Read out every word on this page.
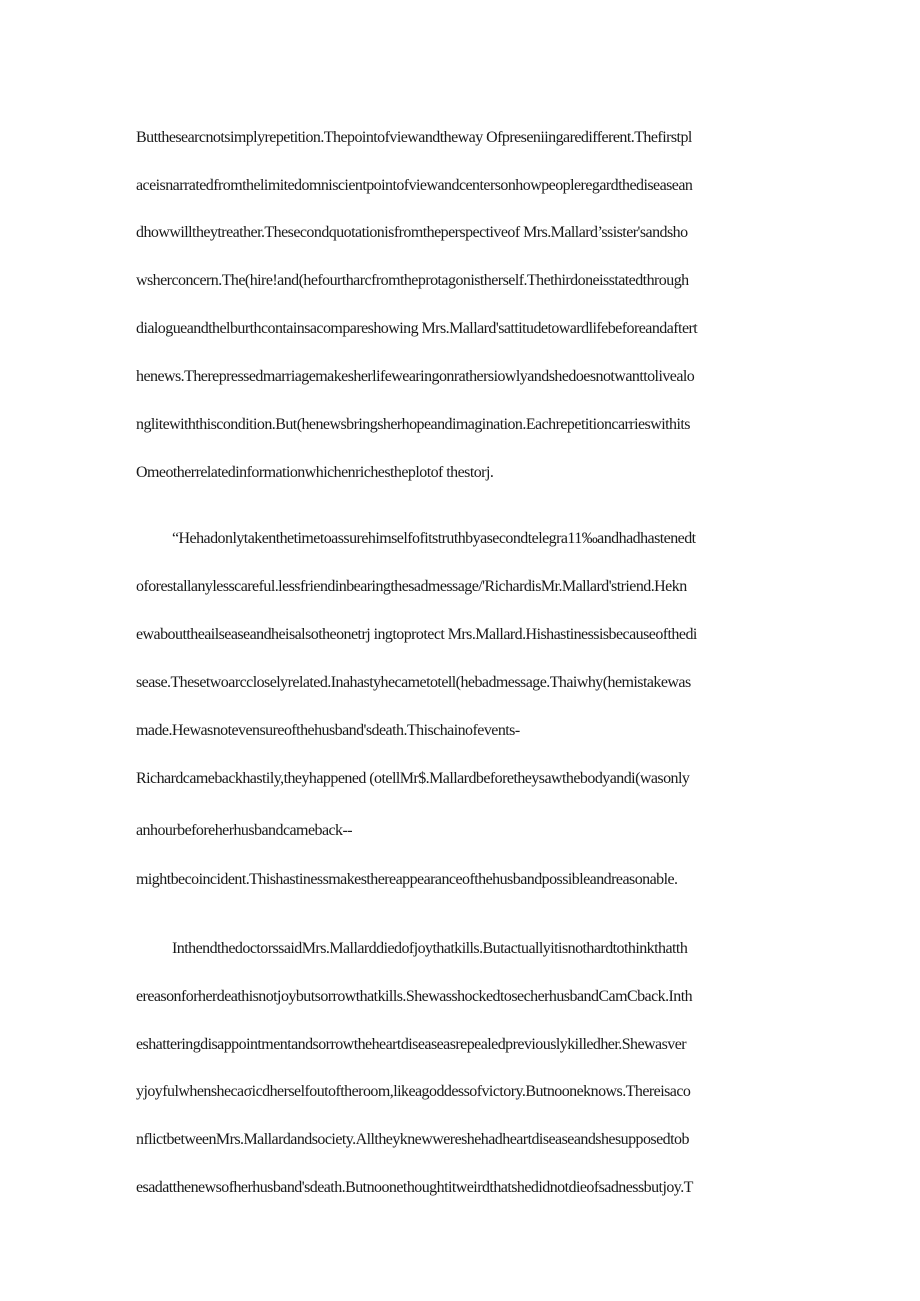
Butthesearcnotsimplyrepetition.Thepointofviewandtheway Ofpreseniingaredifferent.Thefirstpl
aceisnarratedfromthelimitedomniscientpointofviewandcentersonhowpeopleregardthediseasean
dhowwilltheytreather.Thesecondquotationisfromtheperspectiveof Mrs.Mallard’ssister'sandsho
wsherconcern.The(hire!and(hefourtharcfromtheprotagonistherself.Thethirdoneisstatedthrough
dialogueandthelburthcontainsacompareshowing Mrs.Mallard'sattitudetowardlifebeforeandaftert
henews.Therepressedmarriagemakesherlifewearingonrathersiowlyandshedoesnotwanttolivealo
nglitewiththiscondition.But(henewsbringsherhopeandimagination.Eachrepetitioncarrieswithits
Omeotherrelatedinformationwhichenrichestheplotof thestorj.
“Hehadonlytakenthetimetoassurehimselfofitstruthbyasecondtelegra11‰andhadhastenedt
oforestallanylesscareful.lessfriendinbearingthesadmessage/'RichardisMr.Mallard'striend.Hekn
ewabouttheailseaseandheisalsotheonetrj ingtoprotect Mrs.Mallard.Hishastinessisbecauseofthedi
sease.Thesetwoarccloselyrelated.Inahastyhecametotell(hebadmessage.Thaiwhy(hemistakewas
made.Hewasnotevensureofthehusband'sdeath.Thischainofevents-
Richardcamebackhastily,theyhappened (otellMr$.Mallardbeforetheysawthebodyandi(wasonly
anhourbeforeherhusbandcameback--
mightbecoincident.Thishastinessmakesthereappearanceofthehusbandpossibleandreasonable.
InthendthedoctorssaidMrs.Mallarddiedofjoythatkills.Butactuallyitisnothardtothinkthatth
ereasonforherdeathisnotjoybutsorrowthatkills.ShewasshockedtosecherhusbandCamCback.Inth
eshatteringdisappointmentandsorrowtheheartdiseaseasrepealedpreviouslykilledher.Shewasver
yjoyfulwhenshecaσicdherselfoutoftheroom,likeagoddessofvictory.Butnooneknows.Thereisaco
nflictbetweenMrs.Mallardandsociety.Alltheyknewwereshehadheartdiseaseandshesupposedtob
esadatthenewsofherhusband'sdeath.Butnoonethoughtitweirdthatshedidnotdieofsadnessbutjoy.T
